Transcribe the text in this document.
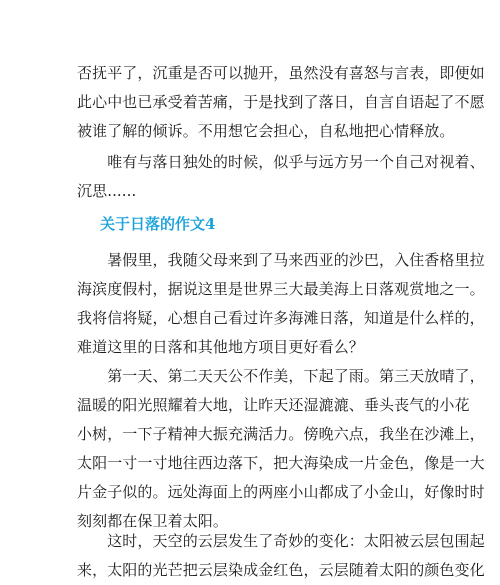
否抚平了，沉重是否可以抛开，虽然没有喜怒与言表，即便如
此心中也已承受着苦痛，于是找到了落日，自言自语起了不愿
被谁了解的倾诉。不用想它会担心，自私地把心情释放。

　　唯有与落日独处的时候，似乎与远方另一个自己对视着、
沉思......

关于日落的作文4

　　暑假里，我随父母来到了马来西亚的沙巴，入住香格里拉
海滨度假村，据说这里是世界三大最美海上日落观赏地之一。
我将信将疑，心想自己看过许多海滩日落，知道是什么样的，
难道这里的日落和其他地方项目更好看么？

　　第一天、第二天天公不作美，下起了雨。第三天放晴了，
温暖的阳光照耀着大地，让昨天还湿漉漉、垂头丧气的小花
小树，一下子精神大振充满活力。傍晚六点，我坐在沙滩上，
太阳一寸一寸地往西边落下，把大海染成一片金色，像是一大
片金子似的。远处海面上的两座小山都成了小金山，好像时时
刻刻都在保卫着太阳。

　　这时，天空的云层发生了奇妙的变化：太阳被云层包围起
来，太阳的光芒把云层染成金红色，云层随着太阳的颜色变化
